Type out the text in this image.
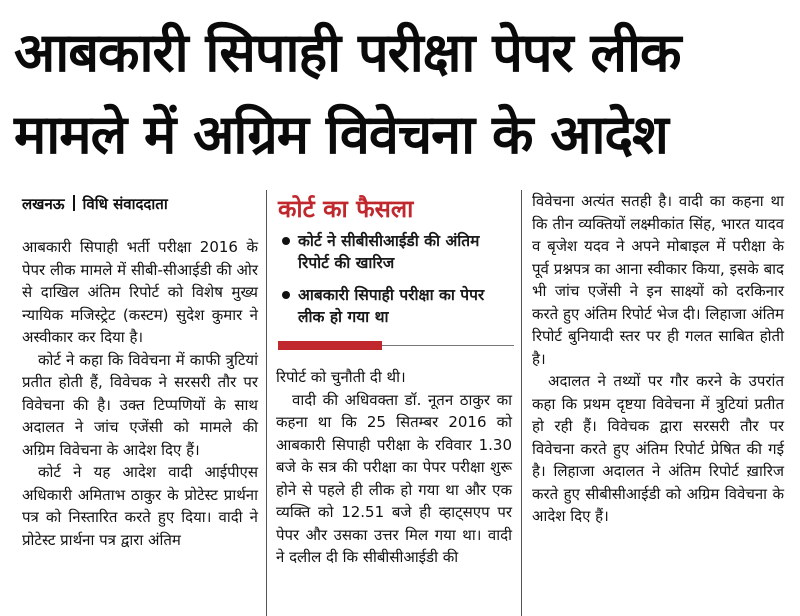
आबकारी सिपाही परीक्षा पेपर लीक
मामले में अग्रिम विवेचना के आदेश
लखनऊ विधि संवाददाता

आबकारी सिपाही भर्ती परीक्षा 2016 के पेपर लीक मामले में सीबी-सीआईडी की ओर से दाखिल अंतिम रिपोर्ट को विशेष मुख्य न्यायिक मजिस्ट्रेट (कस्टम) सुदेश कुमार ने अस्वीकार कर दिया है।

कोर्ट ने कहा कि विवेचना में काफी त्रुटियां प्रतीत होती हैं, विवेचक ने सरसरी तौर पर विवेचना की है। उक्त टिप्पणियों के साथ अदालत ने जांच एजेंसी को मामले की अग्रिम विवेचना के आदेश दिए हैं।

कोर्ट ने यह आदेश वादी आईपीएस अधिकारी अमिताभ ठाकुर के प्रोटेस्ट प्रार्थना पत्र को निस्तारित करते हुए दिया। वादी ने प्रोटेस्ट प्रार्थना पत्र द्वारा अंतिम

कोर्ट का फैसला
कोर्ट ने सीबीसीआईडी की अंतिम रिपोर्ट की खारिज
आबकारी सिपाही परीक्षा का पेपर लीक हो गया था

रिपोर्ट को चुनौती दी थी।

वादी की अधिवक्ता डॉ. नूतन ठाकुर का कहना था कि 25 सितम्बर 2016 को आबकारी सिपाही परीक्षा के रविवार 1.30 बजे के सत्र की परीक्षा का पेपर परीक्षा शुरू होने से पहले ही लीक हो गया था और एक व्यक्ति को 12.51 बजे ही व्हाट्सएप पर पेपर और उसका उत्तर मिल गया था। वादी ने दलील दी कि सीबीसीआईडी की

विवेचना अत्यंत सतही है। वादी का कहना था कि तीन व्यक्तियों लक्ष्मीकांत सिंह, भारत यादव व बृजेश यदव ने अपने मोबाइल में परीक्षा के पूर्व प्रश्नपत्र का आना स्वीकार किया, इसके बाद भी जांच एजेंसी ने इन साक्ष्यों को दरकिनार करते हुए अंतिम रिपोर्ट भेज दी। लिहाजा अंतिम रिपोर्ट बुनियादी स्तर पर ही गलत साबित होती है।

अदालत ने तथ्यों पर गौर करने के उपरांत कहा कि प्रथम दृष्टया विवेचना में त्रुटियां प्रतीत हो रही हैं। विवेचक द्वारा सरसरी तौर पर विवेचना करते हुए अंतिम रिपोर्ट प्रेषित की गई है। लिहाजा अदालत ने अंतिम रिपोर्ट ख़ारिज करते हुए सीबीसीआईडी को अग्रिम विवेचना के आदेश दिए हैं।
